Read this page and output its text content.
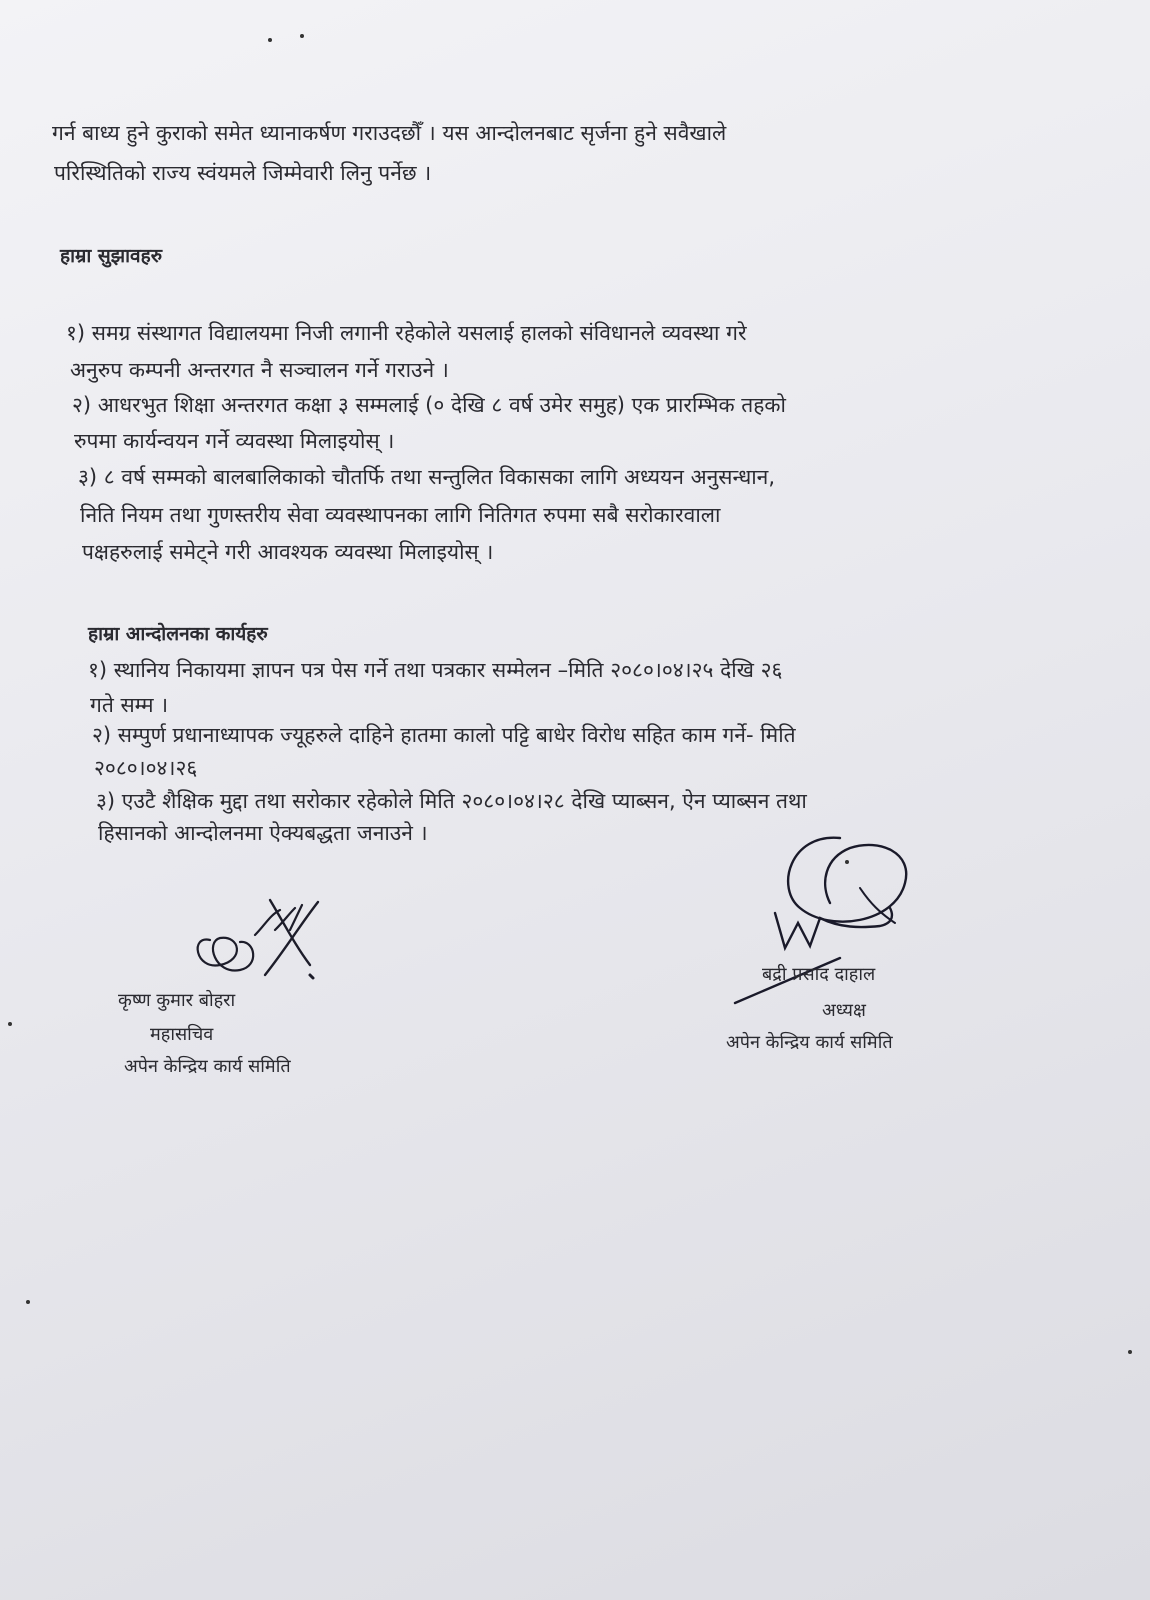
गर्न बाध्य हुने कुराको समेत ध्यानाकर्षण गराउदछौँ । यस आन्दोलनबाट सृर्जना हुने सवैखाले
परिस्थितिको राज्य स्वंयमले जिम्मेवारी लिनु पर्नेछ ।
हाम्रा सुझावहरु
१) समग्र संस्थागत विद्यालयमा निजी लगानी रहेकोले यसलाई हालको संविधानले व्यवस्था गरे
अनुरुप कम्पनी अन्तरगत नै सञ्चालन गर्ने गराउने ।
२) आधरभुत शिक्षा अन्तरगत कक्षा ३ सम्मलाई (० देखि ८ वर्ष उमेर समुह) एक प्रारम्भिक तहको
रुपमा कार्यन्वयन गर्ने व्यवस्था मिलाइयोस् ।
३) ८ वर्ष सम्मको बालबालिकाको चौतर्फि तथा सन्तुलित विकासका लागि अध्ययन अनुसन्धान,
निति नियम तथा गुणस्तरीय सेवा व्यवस्थापनका लागि नितिगत रुपमा सबै सरोकारवाला
पक्षहरुलाई समेट्ने गरी आवश्यक व्यवस्था मिलाइयोस् ।
हाम्रा आन्दोलनका कार्यहरु
१) स्थानिय निकायमा ज्ञापन पत्र पेस गर्ने तथा पत्रकार सम्मेलन –मिति २०८०।०४।२५ देखि २६
गते सम्म ।
२) सम्पुर्ण प्रधानाध्यापक ज्यूहरुले दाहिने हातमा कालो पट्टि बाधेर विरोध सहित काम गर्ने- मिति
२०८०।०४।२६
३) एउटै शैक्षिक मुद्दा तथा सरोकार रहेकोले मिति २०८०।०४।२८ देखि प्याब्सन, ऐन प्याब्सन तथा
हिसानको आन्दोलनमा ऐक्यबद्धता जनाउने ।
कृष्ण कुमार बोहरा
महासचिव
अपेन केन्द्रिय कार्य समिति
बद्री प्रसाद दाहाल
अध्यक्ष
अपेन केन्द्रिय कार्य समिति
